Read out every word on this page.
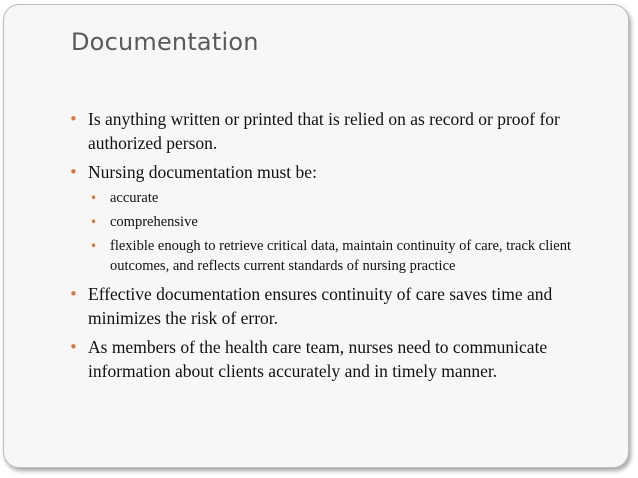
Documentation
• Is anything written or printed that is relied on as record or proof for authorized person.
• Nursing documentation must be:
• accurate
• comprehensive
• flexible enough to retrieve critical data, maintain continuity of care, track client outcomes, and reflects current standards of nursing practice
• Effective documentation ensures continuity of care saves time and minimizes the risk of error.
• As members of the health care team, nurses need to communicate information about clients accurately and in timely manner.
